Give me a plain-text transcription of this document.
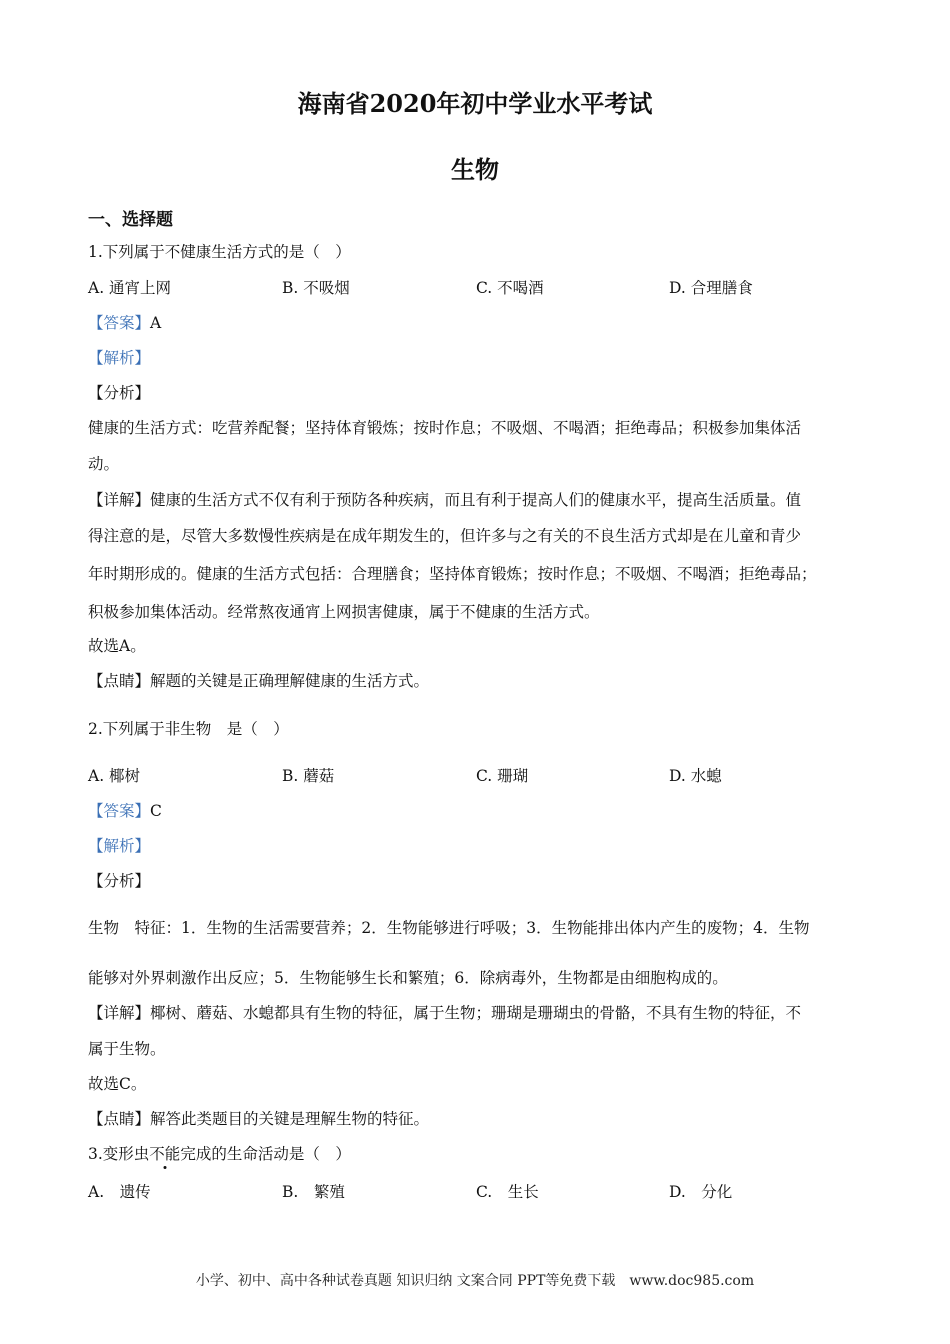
海南省2020年初中学业水平考试
生物
一、选择题
1.下列属于不健康生活方式的是（　）
A. 通宵上网	B. 不吸烟	C. 不喝酒	D. 合理膳食
【答案】A
【解析】
【分析】
健康的生活方式：吃营养配餐；坚持体育锻炼；按时作息；不吸烟、不喝酒；拒绝毒品；积极参加集体活
动。
【详解】健康的生活方式不仅有利于预防各种疾病，而且有利于提高人们的健康水平，提高生活质量。值
得注意的是，尽管大多数慢性疾病是在成年期发生的，但许多与之有关的不良生活方式却是在儿童和青少
年时期形成的。健康的生活方式包括：合理膳食；坚持体育锻炼；按时作息；不吸烟、不喝酒；拒绝毒品；
积极参加集体活动。经常熬夜通宵上网损害健康，属于不健康的生活方式。
故选A。
【点睛】解题的关键是正确理解健康的生活方式。
2.下列属于非生物　是（　）
A. 椰树	B. 蘑菇	C. 珊瑚	D. 水螅
【答案】C
【解析】
【分析】
生物　特征：1．生物的生活需要营养；2．生物能够进行呼吸；3．生物能排出体内产生的废物；4．生物
能够对外界刺激作出反应；5．生物能够生长和繁殖；6．除病毒外，生物都是由细胞构成的。
【详解】椰树、蘑菇、水螅都具有生物的特征，属于生物；珊瑚是珊瑚虫的骨骼，不具有生物的特征，不
属于生物。
故选C。
【点睛】解答此类题目的关键是理解生物的特征。
3.变形虫不能完成的生命活动是（　）
A.　遗传	B.　繁殖	C.　生长	D.　分化
小学、初中、高中各种试卷真题 知识归纳 文案合同 PPT等免费下载　www.doc985.com
